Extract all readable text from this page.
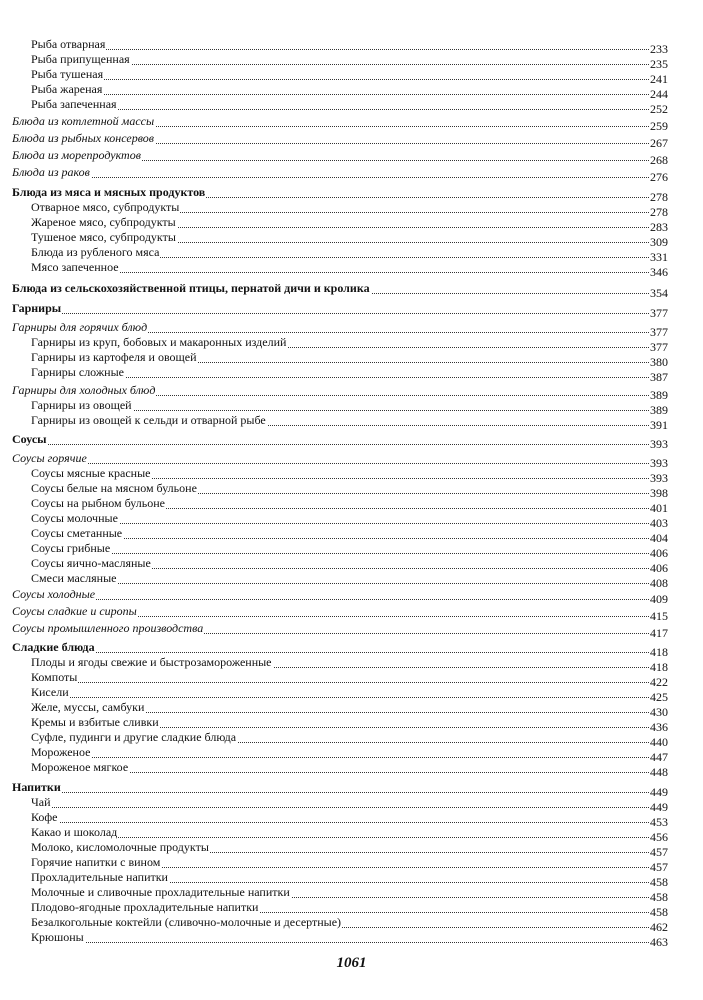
Рыба отварная	233
Рыба припущенная	235
Рыба тушеная	241
Рыба жареная	244
Рыба запеченная	252
Блюда из котлетной массы	259
Блюда из рыбных консервов	267
Блюда из морепродуктов	268
Блюда из раков	276
Блюда из мяса и мясных продуктов	278
Отварное мясо, субпродукты	278
Жареное мясо, субпродукты	283
Тушеное мясо, субпродукты	309
Блюда из рубленого мяса	331
Мясо запеченное	346
Блюда из сельскохозяйственной птицы, пернатой дичи и кролика	354
Гарниры	377
Гарниры для горячих блюд	377
Гарниры из круп, бобовых и макаронных изделий	377
Гарниры из картофеля и овощей	380
Гарниры сложные	387
Гарниры для холодных блюд	389
Гарниры из овощей	389
Гарниры из овощей к сельди и отварной рыбе	391
Соусы	393
Соусы горячие	393
Соусы мясные красные	393
Соусы белые на мясном бульоне	398
Соусы на рыбном бульоне	401
Соусы молочные	403
Соусы сметанные	404
Соусы грибные	406
Соусы яично-масляные	406
Смеси масляные	408
Соусы холодные	409
Соусы сладкие и сиропы	415
Соусы промышленного производства	417
Сладкие блюда	418
Плоды и ягоды свежие и быстрозамороженные	418
Компоты	422
Кисели	425
Желе, муссы, самбуки	430
Кремы и взбитые сливки	436
Суфле, пудинги и другие сладкие блюда	440
Мороженое	447
Мороженое мягкое	448
Напитки	449
Чай	449
Кофе	453
Какао и шоколад	456
Молоко, кисломолочные продукты	457
Горячие напитки с вином	457
Прохладительные напитки	458
Молочные и сливочные прохладительные напитки	458
Плодово-ягодные прохладительные напитки	458
Безалкогольные коктейли (сливочно-молочные и десертные)	462
Крюшоны	463
1061
